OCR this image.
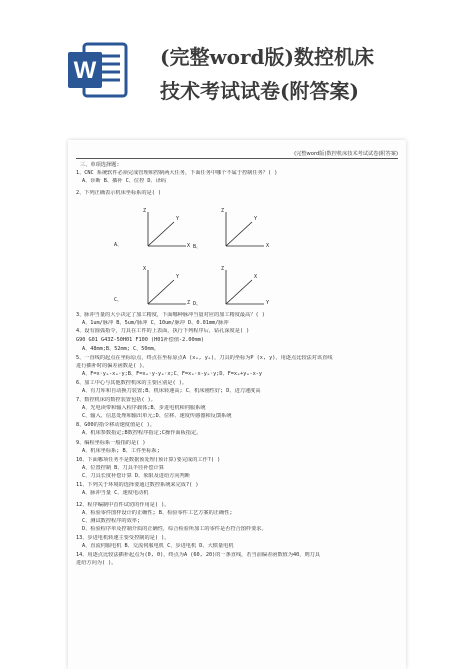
W	(完整word版)数控机床
技术考试试卷(附答案)
(完整word版)数控机床技术考试试卷(附答案)
三、单项选择题:
1、CNC 系统软件必须完成管理和控制两大任务，下面任务中哪个不属于控制任务？( )
A、诊断 B、插补 C、位控 D、译码
2、下列正确表示机床坐标系的是( )
A、
Z
Y
X B、
Z
Y
X
C、
X
Y
Z D、
Z
X
Y
3、脉冲当量的大小决定了加工精度，下面哪种脉冲当量对应的加工精度最高？( )
A、1um/脉冲 B、5um/脉冲 C、10um/脉冲 D、0.01mm/脉冲
4、设有圆弧指令，刀具在工件的上表面，执行下列程序后，钻孔深度是( )
G90 G01 G43Z-50H01 F100 (H01补偿值-2.00mm)
A、48mm;B、52mm; C、50mm。
5、一直线的起点在坐标原点，终点在坐标原点A (xₑ, yₑ)，刀具的坐标为P (x, y)，用逐点比较法对该直线
进行插补时的偏差函数是( )。
A、F=x·yₑ-xₑ·y;B、F=xₑ·y-yₑ·x;C、F=xₑ·x-yₑ·y;D、F=xₑ+yₑ-x-y
6、加工中心与其他数控机床的主要区别是( )。
A、有刀库和自动换刀装置;B、机床转速高; C、机床刚性好; D、进刀速度高
7、数控机床的数控装置包括( )。
A、光电读带和输入程序载体;B、步进电机和伺服系统
C、输入、信息处理和输出单元;D、位移、速度传感器和反馈系统
8、G00的指令移动速度值是( )。
A、机床参数指定;B数控程序指定;C操作面板指定。
9、编程坐标系一般指的是( )
A、机床坐标系; B、工件坐标系;
10、下面哪项任务不是数据预处理(预计算)要完成的工作?( )
A、位置控制 B、刀具半径补偿计算
C、刀具长度补偿计算 D、象限及进给方向判断
11、下列关于环境的选择要通过数控系统来完成?( )
A、脉冲当量 C、速度电动机
12、程序编制中首件试切的作用是( )。
A、检验零件图样设计的正确性; B、检验零件工艺方案的正确性;
C、测试数控程序的效率;
D、检验程序单及控制介质的正确性，综合检验所加工的零件是否符合图样要求。
13、步进电机转速主要受控制的是( )。
A、直流伺服电机 B、交流伺服电机 C、步进电机 D、大惯量电机
14、用逐点比较法插补起点为(0, 0)，终点为A (60, 20)的一条直线，若当前偏差函数值为40，则刀具
进给方向为( )。
